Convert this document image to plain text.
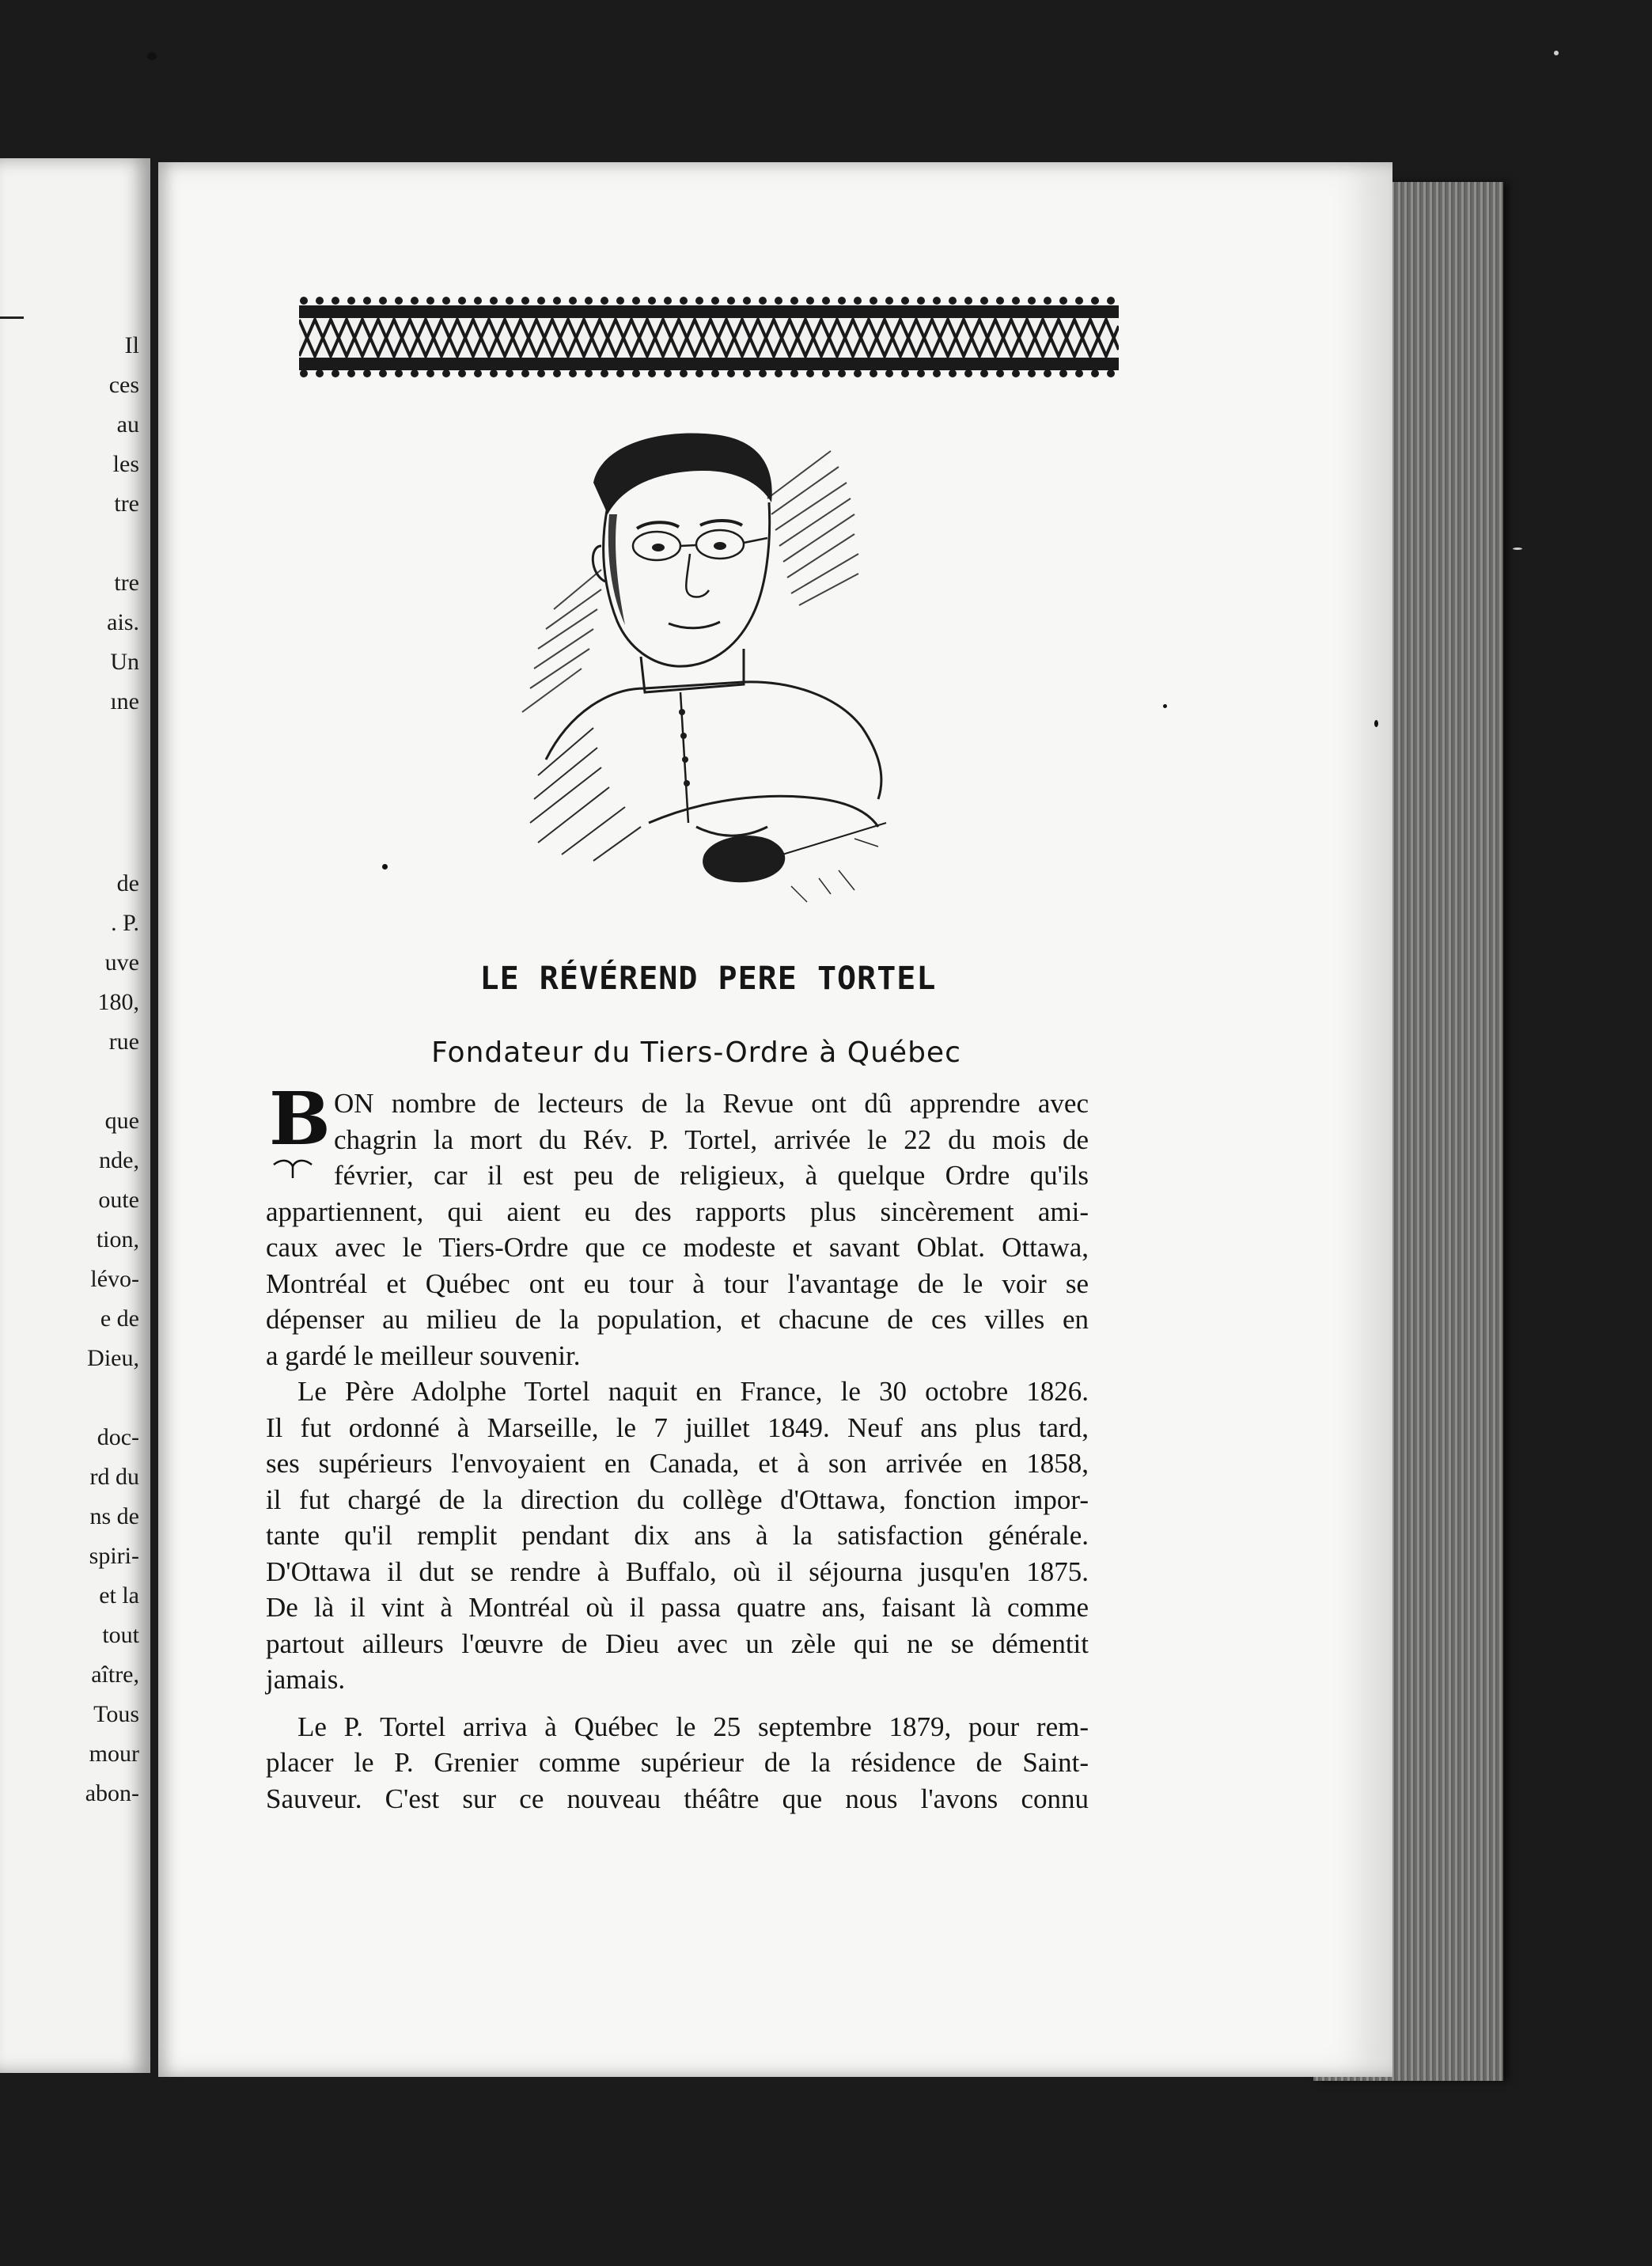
Il
ces
au
les
tre
tre
ais.
Un
ıne
de
. P.
uve
180,
rue
que
nde,
oute
tion,
lévo-
e de
Dieu,
doc-
rd du
ns de
spiri-
et la
tout
aître,
Tous
mour
abon-
LE RÉVÉREND PERE TORTEL
Fondateur du Tiers-Ordre à Québec
B ON nombre de lecteurs de la Revue ont dû apprendre avec
chagrin la mort du Rév. P. Tortel, arrivée le 22 du mois de
février, car il est peu de religieux, à quelque Ordre qu'ils
appartiennent, qui aient eu des rapports plus sincèrement ami-
caux avec le Tiers-Ordre que ce modeste et savant Oblat. Ottawa,
Montréal et Québec ont eu tour à tour l'avantage de le voir se
dépenser au milieu de la population, et chacune de ces villes en
a gardé le meilleur souvenir.
Le Père Adolphe Tortel naquit en France, le 30 octobre 1826.
Il fut ordonné à Marseille, le 7 juillet 1849. Neuf ans plus tard,
ses supérieurs l'envoyaient en Canada, et à son arrivée en 1858,
il fut chargé de la direction du collège d'Ottawa, fonction impor-
tante qu'il remplit pendant dix ans à la satisfaction générale.
D'Ottawa il dut se rendre à Buffalo, où il séjourna jusqu'en 1875.
De là il vint à Montréal où il passa quatre ans, faisant là comme
partout ailleurs l'œuvre de Dieu avec un zèle qui ne se démentit
jamais.
Le P. Tortel arriva à Québec le 25 septembre 1879, pour rem-
placer le P. Grenier comme supérieur de la résidence de Saint-
Sauveur. C'est sur ce nouveau théâtre que nous l'avons connu
